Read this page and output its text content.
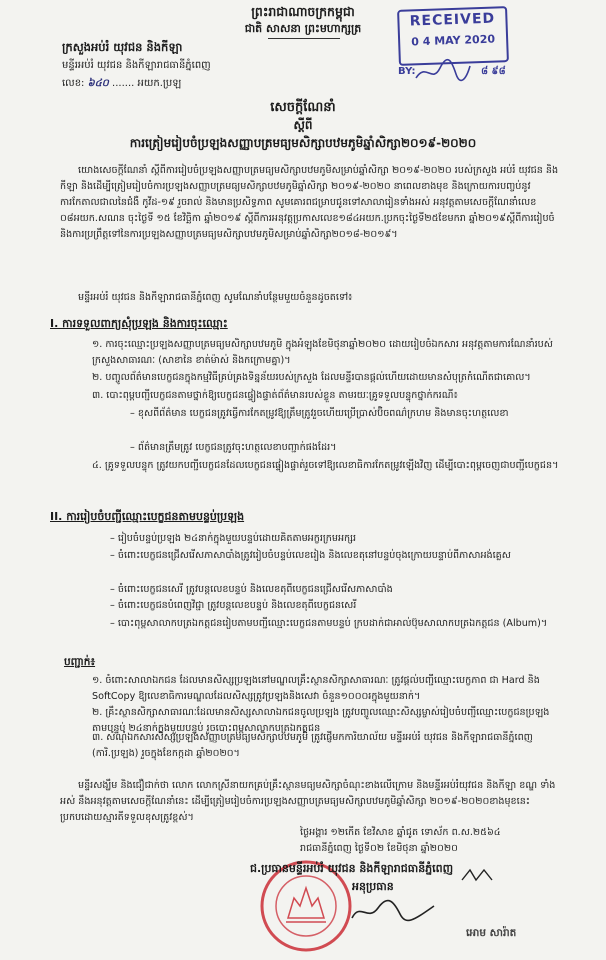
ព្រះរាជាណាចក្រកម្ពុជា
ជាតិ សាសនា ព្រះមហាក្សត្រ
ក្រសួងអប់រំ យុវជន និងកីឡា
មន្ទីរអប់រំ យុវជន និងកីឡារាជធានីភ្នំពេញ
លេខ: ៦៤០ ....... អយក.ប្រឡ
RECEIVED
0 4 MAY 2020
BY:	៨ ៩៨
សេចក្តីណែនាំ
ស្តីពី
ការត្រៀមរៀបចំប្រឡងសញ្ញាបត្រមធ្យមសិក្សាបឋមភូមិឆ្នាំសិក្សា២០១៩-២០២០
យោងសេចក្តីណែនាំ ស្តីពីការរៀបចំប្រឡងសញ្ញាបត្រមធ្យមសិក្សាបឋមភូមិសម្រាប់ឆ្នាំសិក្សា ២០១៩-២០២០ របស់ក្រសួង អប់រំ យុវជន និងកីឡា និងដើម្បីត្រៀមរៀបចំការប្រឡងសញ្ញាបត្រមធ្យមសិក្សាបឋមភូមិឆ្នាំសិក្សា ២០១៩-២០២០ នាពេលខាងមុខ និងក្រោយការបញ្ចប់នូវការកែតាលជាលនៃជំងឺ កូវីដ-១៩ រួចរាល់ និងមានប្រសិទ្ធភាព សូមគោរពជម្រាបជូនទៅសាលារៀនទាំងអស់ អនុវត្តតាមសេចក្តីណែនាំលេខ ០៨អយក.សណន ចុះថ្ងៃទី ១៥ ខែវិច្ឆិកា ឆ្នាំ២០១៩ ស្តីពីការអនុវត្តប្រកាសលេខ១៨៤អយក.ប្រកចុះថ្ងៃទី២៥ខែមករា ឆ្នាំ២០១៩ស្តីពីការរៀបចំនិងការប្រព្រឹត្តទៅនៃការប្រឡងសញ្ញាបត្រមធ្យមសិក្សាបឋមភូមិសម្រាប់ឆ្នាំសិក្សា២០១៨-២០១៩។
មន្ទីរអប់រំ យុវជន និងកីឡារាជធានីភ្នំពេញ សូមណែនាំបន្ថែមមួយចំនួនដូចតទៅ៖
I. ការទទួលពាក្យសុំប្រឡង និងការចុះឈ្មោះ
១. ការចុះឈ្មោះប្រឡងសញ្ញាបត្រមធ្យមសិក្សាបឋមភូមិ ក្នុងអំឡុងខែមិថុនាឆ្នាំ២០២០ ដោយរៀបចំឯកសារ អនុវត្តតាមការណែនាំរបស់ក្រសួងសាធារណៈ (សាខានៃ ខាត់ម៉ាស់ និងកក្រោមគ្នា)។
២. បញ្ចូលព័ត៌មានបេក្ខជនក្នុងកម្មវិធីគ្រប់គ្រងទិន្នន័យរបស់ក្រសួង ដែលមន្ទីរបានផ្តល់ហើយដោយមានសំបុត្រកំណើតជាគោល។
៣. បោះពុម្ពបញ្ជីបេក្ខជនតាមថ្នាក់ឱ្យបេក្ខជនផ្ទៀងផ្ទាត់ព័ត៌មានរបស់ខ្លួន តាមរយៈគ្រូទទួលបន្ទុកថ្នាក់ករណី៖
– ខុសពីព័ត៌មាន បេក្ខជនត្រូវធ្វើការកែតម្រូវឱ្យត្រឹមត្រូវរួចហើយប្រើប្រាស់ប៊ិចពណ៌ក្រហម និងមានចុះហត្ថលេខា
– ព័ត៌មានត្រឹមត្រូវ បេក្ខជនត្រូវចុះហត្ថលេខាបញ្ជាក់ផងដែរ។
៤. គ្រូទទួលបន្ទុក ត្រូវយកបញ្ជីបេក្ខជនដែលបេក្ខជនផ្ទៀងផ្ទាត់រួចទៅឱ្យលេខាធិការកែតម្រូវឡើងវិញ ដើម្បីបោះពុម្ពចេញជាបញ្ជីបេក្ខជន។
II. ការរៀបចំបញ្ជីឈ្មោះបេក្ខជនតាមបន្ទប់ប្រឡង
– រៀបចំបន្ទប់ប្រឡង ២៤នាក់ក្នុងមួយបន្ទប់ដោយគិតតាមអក្ខរក្រមអក្សរ
– ចំពោះបេក្ខជនជ្រើសរើសភាសាបាំងត្រូវរៀបចំបន្ទប់លេខរៀង និងលេខតុនៅបន្ទប់ចុងក្រោយបន្ទាប់ពីភាសាអង់គ្លេស
– ចំពោះបេក្ខជនសេរី ត្រូវបន្តលេខបន្ទប់ និងលេខតុពីបេក្ខជនជ្រើសរើសភាសាបាំង
– ចំពោះបេក្ខជនបំពេញវិជ្ជា ត្រូវបន្តលេខបន្ទប់ និងលេខតុពីបេក្ខជនសេរី
– បោះពុម្ពសាលាកបត្រឯកត្តជនរៀបតាមបញ្ជីឈ្មោះបេក្ខជនតាមបន្ទប់ ក្របដាក់ជាអាល់ប៊ុមសាលាកបត្រឯកត្តជន (Album)។
បញ្ជាក់៖
១. ចំពោះសាលាឯកជន ដែលមានសិស្សប្រឡងនៅមណ្ឌលគ្រឹះស្ថានសិក្សាសាធារណៈ ត្រូវផ្តល់បញ្ជីឈ្មោះបេក្ខភាព ជា Hard និង SoftCopy ឱ្យលេខាធិការមណ្ឌលដែលសិស្សត្រូវប្រឡងនិងសេវា ចំនួន១០០០៛ក្នុងមួយនាក់។
២. គ្រឹះស្ថានសិក្សាសាធារណៈដែលមានសិស្សសាលាឯកជនចូលប្រឡង ត្រូវបញ្ចូលឈ្មោះសិស្សម្ចាស់រៀបចំបញ្ជីឈ្មោះបេក្ខជនប្រឡងតាមបន្ទប់ ២៤នាក់ក្នុងមួយបន្ទប់ រួចបោះពុម្ពសាលាកបត្រឯកត្តជន
៣. សំណុំឯកសារសិស្សប្រឡងសញ្ញាបត្រមធ្យមសិក្សាបឋមភូមិ ត្រូវផ្ញើមកការិយាល័យ មន្ទីរអប់រំ យុវជន និងកីឡារាជធានីភ្នំពេញ (ការិ.ប្រឡង) រួចក្នុងខែកក្កដា ឆ្នាំ២០២០។
មន្ទីរសង្ឃឹម និងជឿជាក់ថា លោក លោកស្រីនាយកគ្រប់គ្រឹះស្ថានមធ្យមសិក្សាចំណុះខាងលើក្រោម និងមន្ទីរអប់រំយុវជន និងកីឡា ខណ្ឌ ទាំងអស់ នឹងអនុវត្តតាមសេចក្តីណែនាំនេះ ដើម្បីត្រៀមរៀបចំការប្រឡងសញ្ញាបត្រមធ្យមសិក្សាបឋមភូមិឆ្នាំសិក្សា ២០១៩-២០២០ខាងមុខនេះប្រកបដោយស្មារតីទទួលខុសត្រូវខ្ពស់។
ថ្ងៃអង្គារ ១២កើត ខែវិសាខ ឆ្នាំជូត ទោស័ក ព.ស.២៥៦៤
រាជធានីភ្នំពេញ ថ្ងៃទី០២ ខែមិថុនា ឆ្នាំ២០២០
ជ.ប្រធានមន្ទីរអប់រំ យុវជន និងកីឡារាជធានីភ្នំពេញ
អនុប្រធាន
អោម សារ៉ាត
